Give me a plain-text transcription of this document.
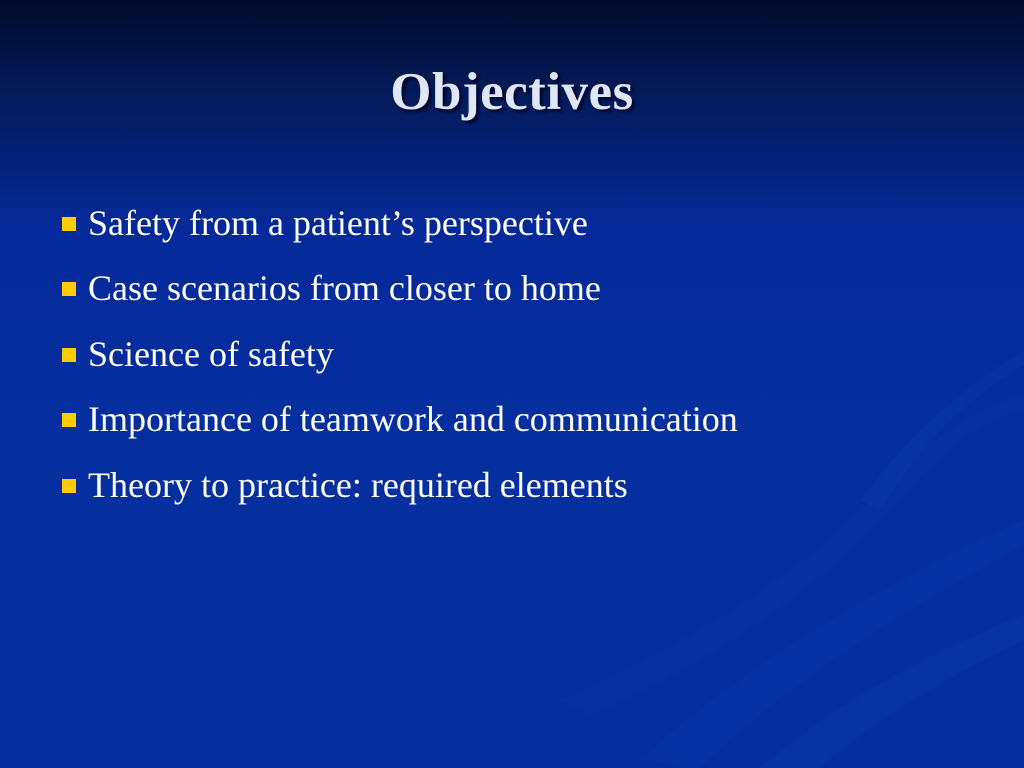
Objectives
Safety from a patient’s perspective
Case scenarios from closer to home
Science of safety
Importance of teamwork and communication
Theory to practice: required elements
